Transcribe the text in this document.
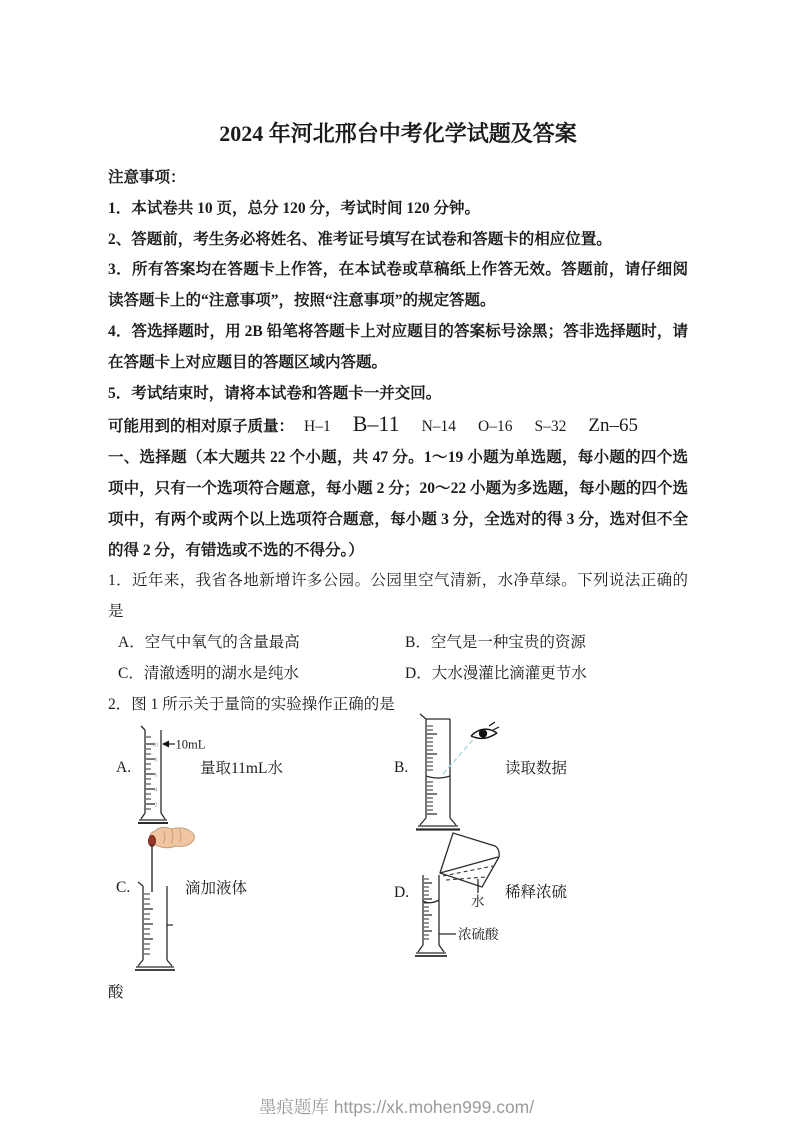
2024 年河北邢台中考化学试题及答案

注意事项：

1．本试卷共 10 页，总分 120 分，考试时间 120 分钟。

2、答题前，考生务必将姓名、准考证号填写在试卷和答题卡的相应位置。

3．所有答案均在答题卡上作答，在本试卷或草稿纸上作答无效。答题前，请仔细阅读答题卡上的“注意事项”，按照“注意事项”的规定答题。

4．答选择题时，用 2B 铅笔将答题卡上对应题目的答案标号涂黑；答非选择题时，请在答题卡上对应题目的答题区域内答题。

5．考试结束时，请将本试卷和答题卡一并交回。

可能用到的相对原子质量： H–1 B–11 N–14 O–16 S–32 Zn–65

一、选择题（本大题共 22 个小题，共 47 分。1～19 小题为单选题，每小题的四个选项中，只有一个选项符合题意，每小题 2 分；20～22 小题为多选题，每小题的四个选项中，有两个或两个以上选项符合题意，每小题 3 分，全选对的得 3 分，选对但不全的得 2 分，有错选或不选的不得分。）

1．近年来，我省各地新增许多公园。公园里空气清新，水净草绿。下列说法正确的是

A．空气中氧气的含量最高	B．空气是一种宝贵的资源
C．清澈透明的湖水是纯水	D．大水漫灌比滴灌更节水

2．图 1 所示关于量筒的实验操作正确的是

A.
10
8
6
4
2
10mL
量取11mL水	B.	读取数据
C.	滴加液体	D.
水
浓硫酸
稀释浓硫

酸

墨痕题库 https://xk.mohen999.com/
